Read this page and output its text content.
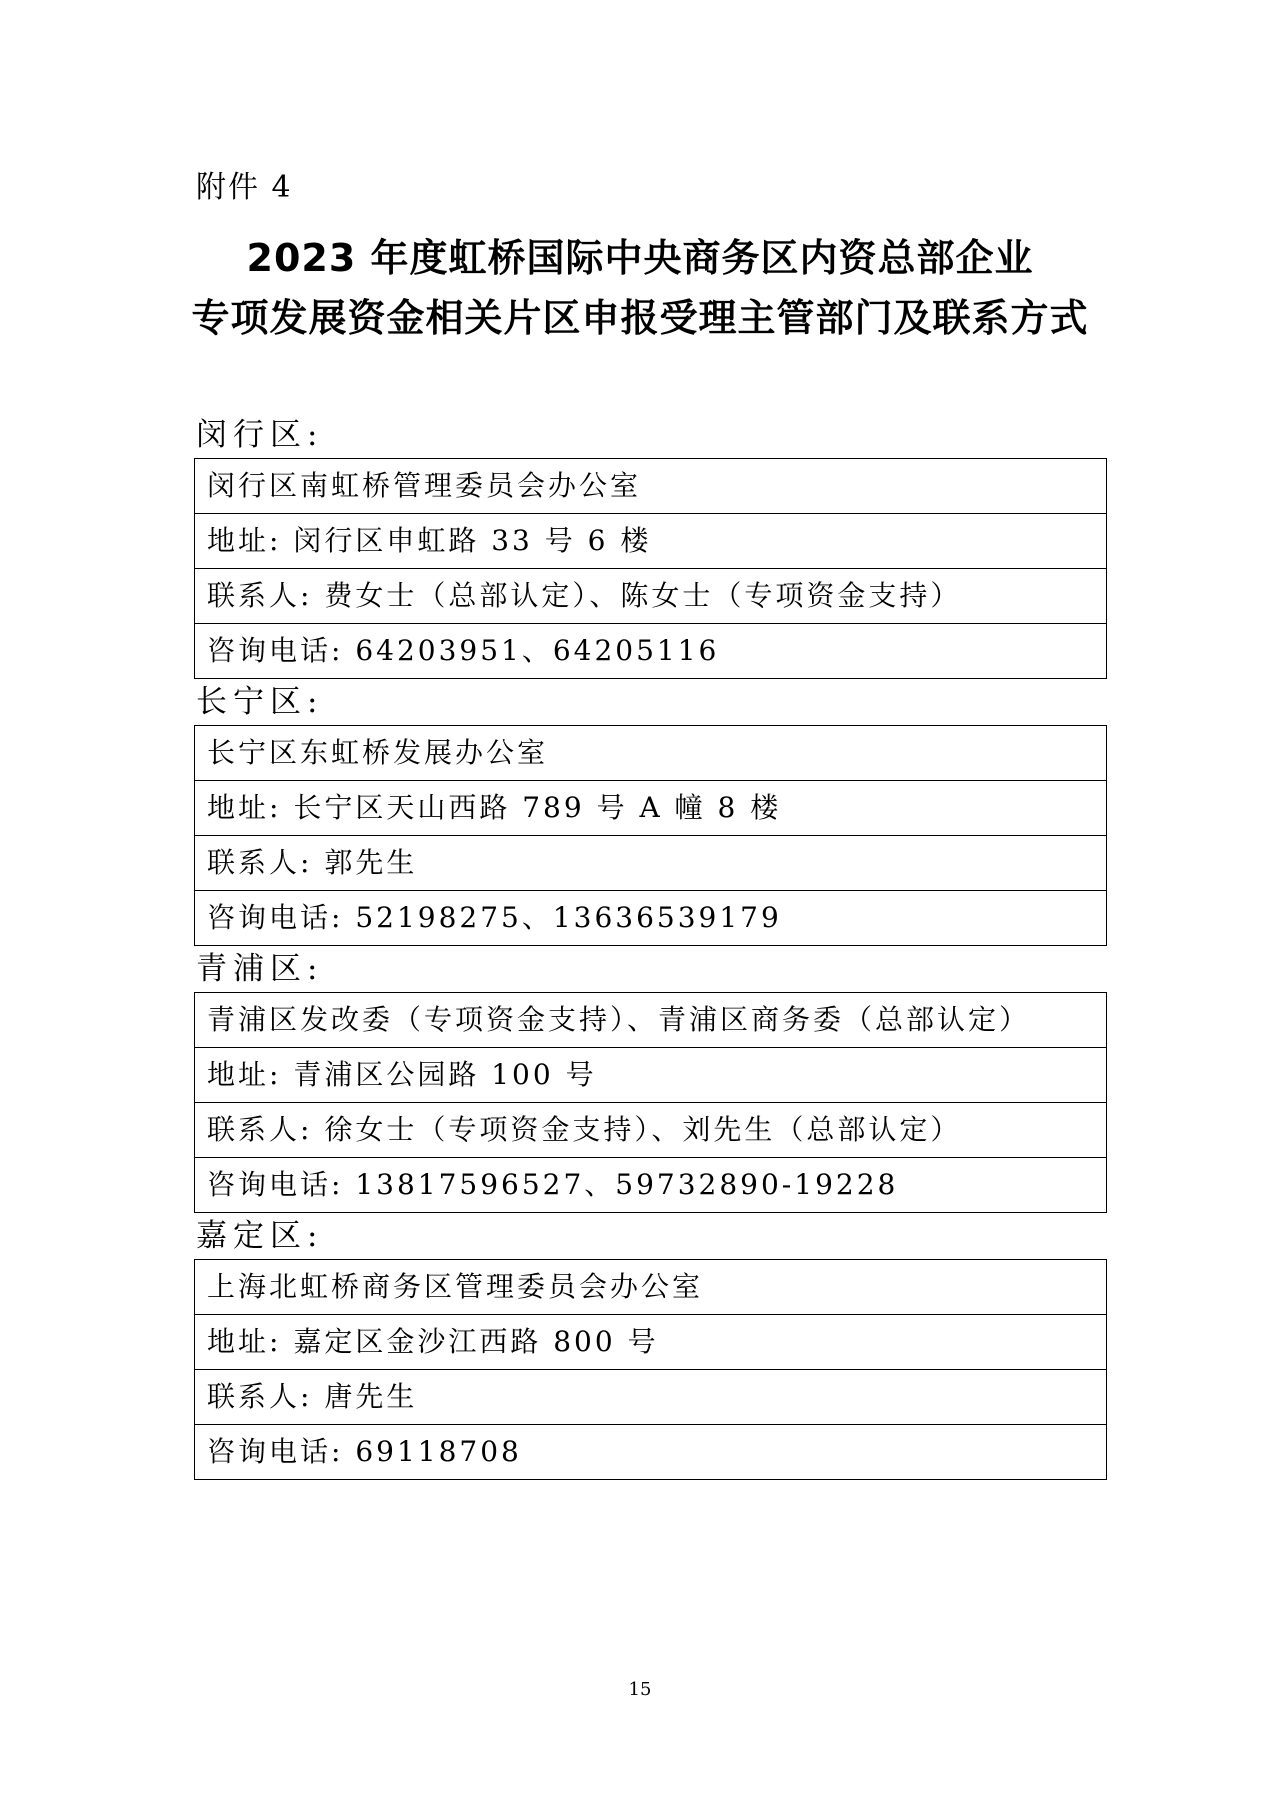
附件 4
2023 年度虹桥国际中央商务区内资总部企业
专项发展资金相关片区申报受理主管部门及联系方式
闵行区:
闵行区南虹桥管理委员会办公室
地址: 闵行区申虹路 33 号 6 楼
联系人: 费女士（总部认定）、陈女士（专项资金支持）
咨询电话: 64203951、64205116
长宁区:
长宁区东虹桥发展办公室
地址: 长宁区天山西路 789 号 A 幢 8 楼
联系人: 郭先生
咨询电话: 52198275、13636539179
青浦区:
青浦区发改委（专项资金支持）、青浦区商务委（总部认定）
地址: 青浦区公园路 100 号
联系人: 徐女士（专项资金支持）、刘先生（总部认定）
咨询电话: 13817596527、59732890-19228
嘉定区:
上海北虹桥商务区管理委员会办公室
地址: 嘉定区金沙江西路 800 号
联系人: 唐先生
咨询电话: 69118708
15
